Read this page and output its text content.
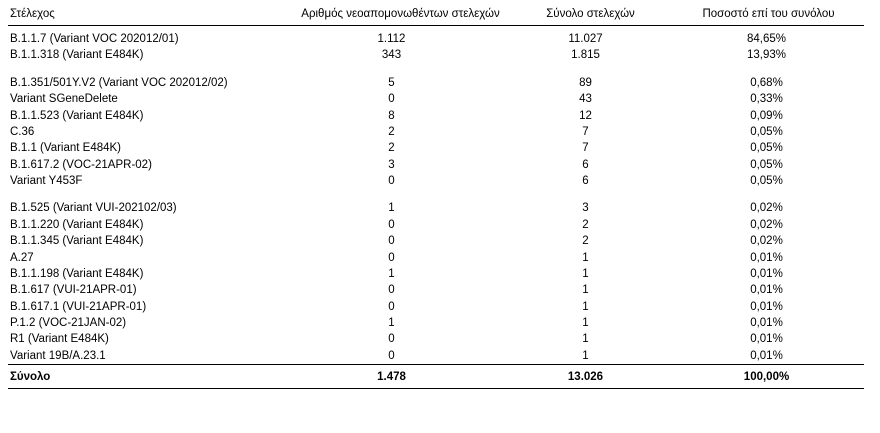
Στέλεχος	Αριθμός νεοαπομονωθέντων στελεχών	Σύνολο στελεχών	Ποσοστό επί του συνόλου
B.1.1.7 (Variant VOC 202012/01)	1.112	11.027	84,65%
B.1.1.318 (Variant E484K)	343	1.815	13,93%

B.1.351/501Y.V2 (Variant VOC 202012/02)	5	89	0,68%
Variant SGeneDelete	0	43	0,33%
B.1.1.523 (Variant E484K)	8	12	0,09%
C.36	2	7	0,05%
B.1.1 (Variant E484K)	2	7	0,05%
B.1.617.2 (VOC-21APR-02)	3	6	0,05%
Variant Y453F	0	6	0,05%

B.1.525 (Variant VUI-202102/03)	1	3	0,02%
B.1.1.220 (Variant E484K)	0	2	0,02%
B.1.1.345 (Variant E484K)	0	2	0,02%
A.27	0	1	0,01%
B.1.1.198 (Variant E484K)	1	1	0,01%
B.1.617 (VUI-21APR-01)	0	1	0,01%
B.1.617.1 (VUI-21APR-01)	0	1	0,01%
P.1.2 (VOC-21JAN-02)	1	1	0,01%
R1 (Variant E484K)	0	1	0,01%
Variant 19B/A.23.1	0	1	0,01%
Σύνολο	1.478	13.026	100,00%
